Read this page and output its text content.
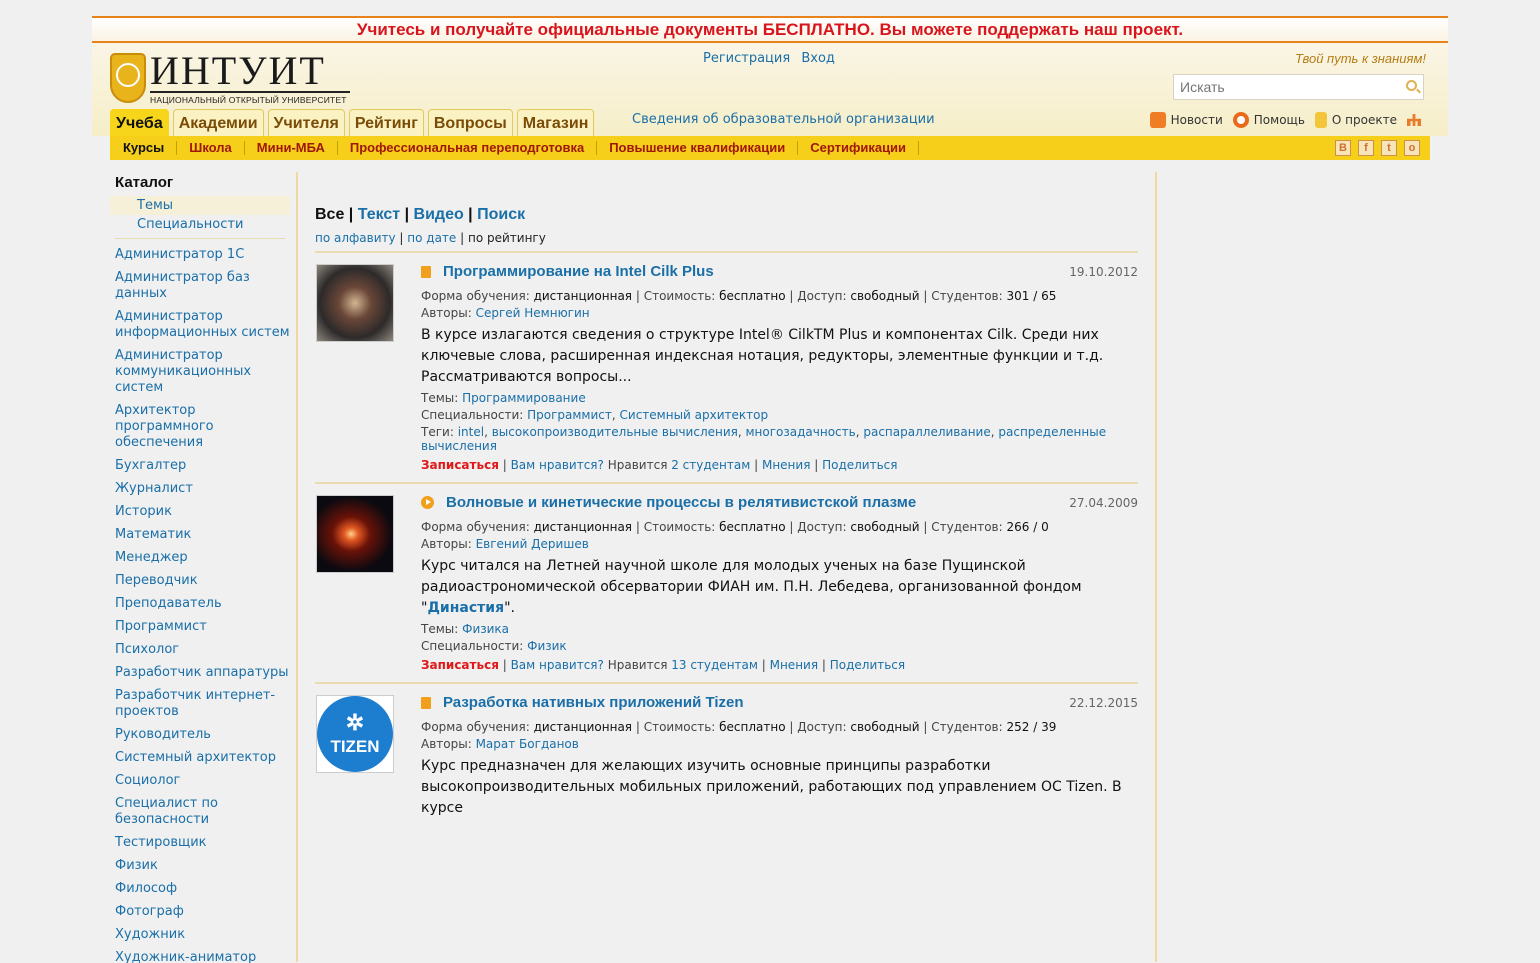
Учитесь и получайте официальные документы БЕСПЛАТНО. Вы можете поддержать наш проект.
ИНТУИТ
НАЦИОНАЛЬНЫЙ ОТКРЫТЫЙ УНИВЕРСИТЕТ
Регистрация Вход	Твой путь к знаниям!
Искать
Учеба	Академии	Учителя	Рейтинг	Вопросы	Магазин	Сведения об образовательной организации	Новости	Помощь О проекте
Курсы	Школа	Мини-МБА	Профессиональная переподготовка	Повышение квалификации	Сертификации	B	f	t	o
Каталог
Темы
Специальности
Администратор 1С
Администратор баз данных
Администратор информационных систем
Администратор коммуникационных систем
Архитектор программного обеспечения
Бухгалтер
Журналист
Историк
Математик
Менеджер
Переводчик
Преподаватель
Программист
Психолог
Разработчик аппаратуры
Разработчик интернет-проектов
Руководитель
Системный архитектор
Социолог
Специалист по безопасности
Тестировщик
Физик
Философ
Фотограф
Художник
Художник-аниматор
Все | Текст | Видео | Поиск
по алфавиту | по дате | по рейтингу
19.10.2012
Программирование на Intel Cilk Plus
Форма обучения: дистанционная | Стоимость: бесплатно | Доступ: свободный | Студентов: 301 / 65
Авторы: Сергей Немнюгин
В курсе излагаются сведения о структуре Intel® CilkTM Plus и компонентах Cilk. Среди них ключевые слова, расширенная индексная нотация, редукторы, элементные функции и т.д. Рассматриваются вопросы...
Темы: Программирование
Специальности: Программист, Системный архитектор
Теги: intel, высокопроизводительные вычисления, многозадачность, распараллеливание, распределенные вычисления
Записаться | Вам нравится? Нравится 2 студентам | Мнения | Поделиться
27.04.2009
Волновые и кинетические процессы в релятивистской плазме
Форма обучения: дистанционная | Стоимость: бесплатно | Доступ: свободный | Студентов: 266 / 0
Авторы: Евгений Деришев
Курс читался на Летней научной школе для молодых ученых на базе Пущинской радиоастрономической обсерватории ФИАН им. П.Н. Лебедева, организованной фондом "Династия".
Темы: Физика
Специальности: Физик
Записаться | Вам нравится? Нравится 13 студентам | Мнения | Поделиться
✲
TIZEN
22.12.2015
Разработка нативных приложений Tizen
Форма обучения: дистанционная | Стоимость: бесплатно | Доступ: свободный | Студентов: 252 / 39
Авторы: Марат Богданов
Курс предназначен для желающих изучить основные принципы разработки высокопроизводительных мобильных приложений, работающих под управлением ОС Tizen. В курсе
